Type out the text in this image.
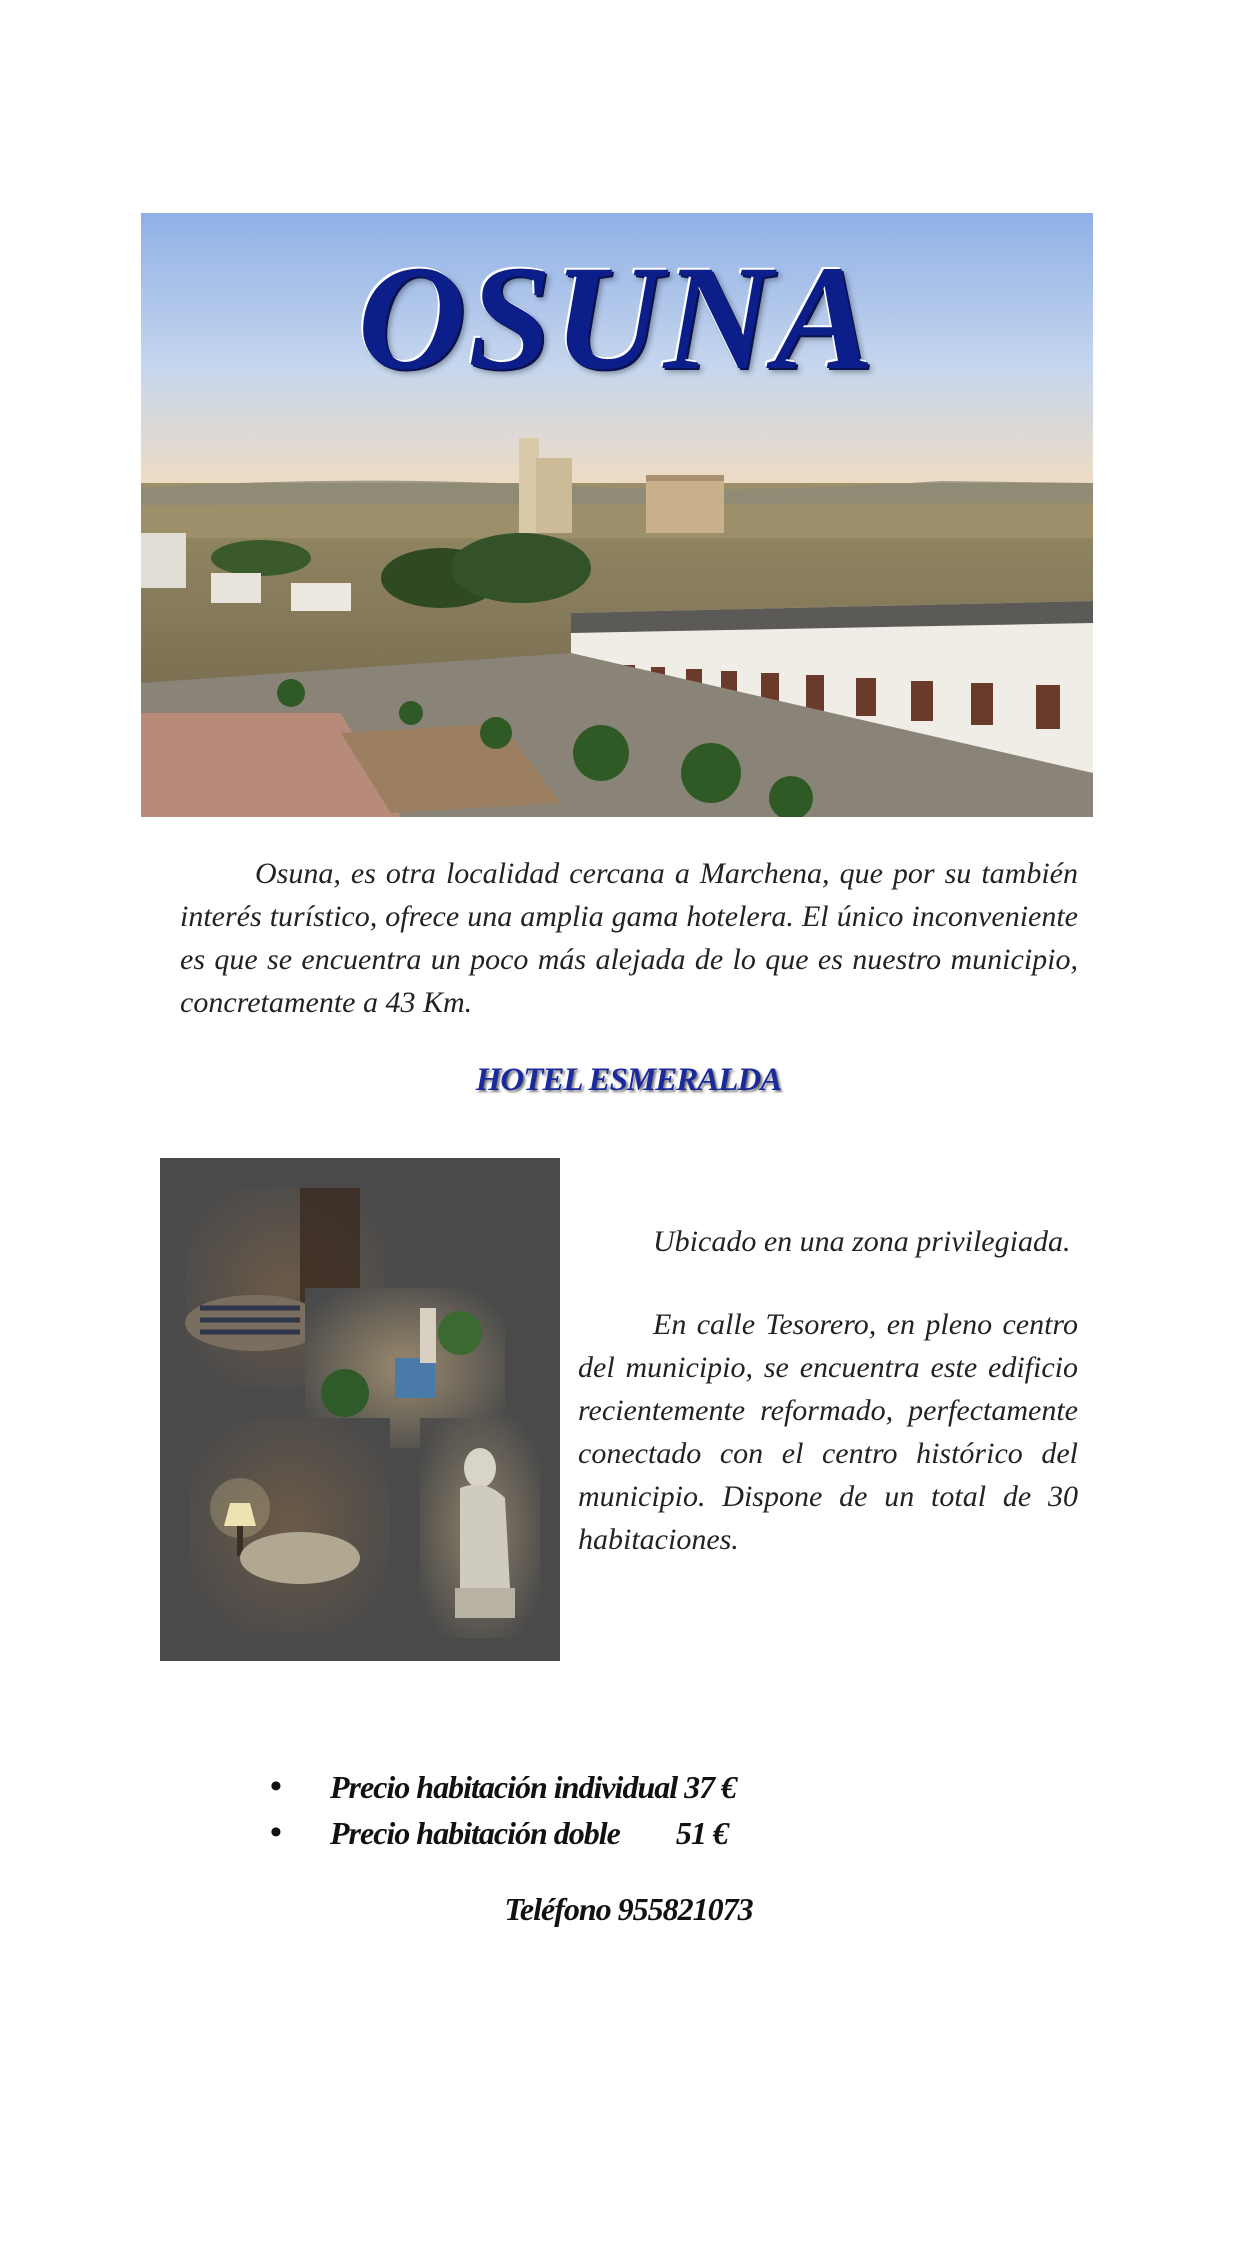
OSUNA

Osuna, es otra localidad cercana a Marchena, que por su también interés turístico, ofrece una amplia gama hotelera. El único inconveniente es que se encuentra un poco más alejada de lo que es nuestro municipio, concretamente a 43 Km.

HOTEL ESMERALDA
Ubicado en una zona privilegiada.

En calle Tesorero, en pleno centro del municipio, se encuentra este edificio recientemente reformado, perfectamente conectado con el centro histórico del municipio. Dispone de un total de 30 habitaciones.

• Precio habitación individual 37 €
• Precio habitación doble        51 €
Teléfono 955821073
